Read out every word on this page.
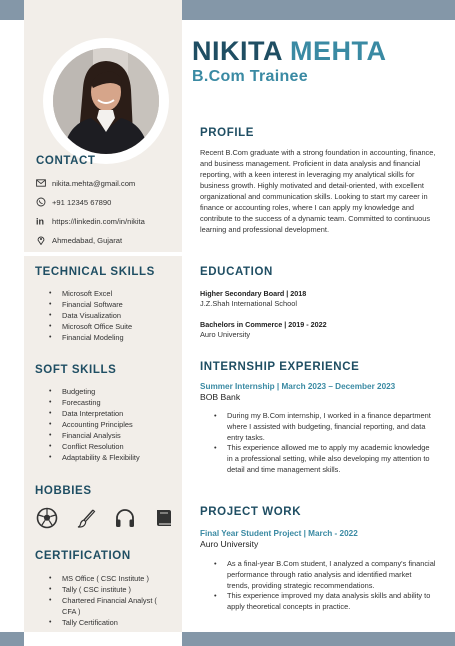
NIKITA MEHTA
B.Com Trainee
CONTACT
nikita.mehta@gmail.com
+91 12345 67890
in https://linkedin.com/in/nikita
Ahmedabad, Gujarat
TECHNICAL SKILLS
• Microsoft Excel
• Financial Software
• Data Visualization
• Microsoft Office Suite
• Financial Modeling
SOFT SKILLS
• Budgeting
• Forecasting
• Data Interpretation
• Accounting Principles
• Financial Analysis
• Conflict Resolution
• Adaptability & Flexibility
HOBBIES
CERTIFICATION
• MS Office ( CSC Institute )
• Tally ( CSC institute )
• Chartered Financial Analyst ( CFA )
• Tally Certification
PROFILE
Recent B.Com graduate with a strong foundation in accounting, finance, and business management. Proficient in data analysis and financial reporting, with a keen interest in leveraging my analytical skills for business growth. Highly motivated and detail-oriented, with excellent organizational and communication skills. Looking to start my career in finance or accounting roles, where I can apply my knowledge and contribute to the success of a dynamic team. Committed to continuous learning and professional development.
EDUCATION
Higher Secondary Board | 2018
J.Z.Shah International School
Bachelors in Commerce | 2019 - 2022
Auro University
INTERNSHIP EXPERIENCE
Summer Internship | March 2023 – December 2023
BOB Bank
• During my B.Com internship, I worked in a finance department where I assisted with budgeting, financial reporting, and data entry tasks.
• This experience allowed me to apply my academic knowledge in a professional setting, while also developing my attention to detail and time management skills.
PROJECT WORK
Final Year Student Project | March - 2022
Auro University
• As a final-year B.Com student, I analyzed a company's financial performance through ratio analysis and identified market trends, providing strategic recommendations.
• This experience improved my data analysis skills and ability to apply theoretical concepts in practice.
